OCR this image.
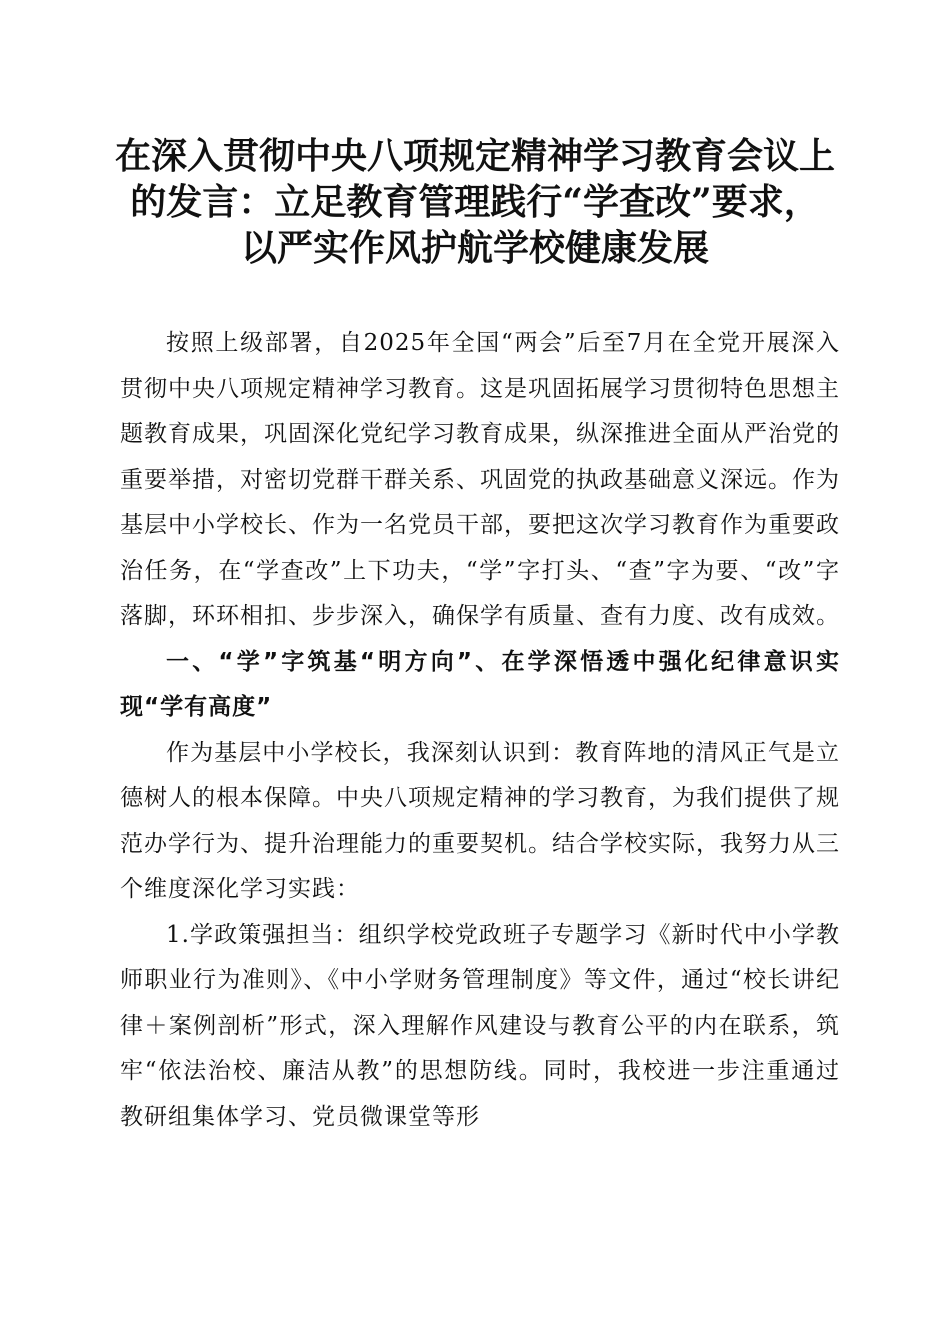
在深入贯彻中央八项规定精神学习教育会议上
的发言：立足教育管理践行“学查改”要求，
以严实作风护航学校健康发展

按照上级部署，自2025年全国“两会”后至7月在全党开展深入贯彻中央八项规定精神学习教育。这是巩固拓展学习贯彻特色思想主题教育成果，巩固深化党纪学习教育成果，纵深推进全面从严治党的重要举措，对密切党群干群关系、巩固党的执政基础意义深远。作为基层中小学校长、作为一名党员干部，要把这次学习教育作为重要政治任务，在“学查改”上下功夫，“学”字打头、“查”字为要、“改”字落脚，环环相扣、步步深入，确保学有质量、查有力度、改有成效。

一、“学”字筑基“明方向”、在学深悟透中强化纪律意识实现“学有高度”

作为基层中小学校长，我深刻认识到：教育阵地的清风正气是立德树人的根本保障。中央八项规定精神的学习教育，为我们提供了规范办学行为、提升治理能力的重要契机。结合学校实际，我努力从三个维度深化学习实践：

1.学政策强担当：组织学校党政班子专题学习《新时代中小学教师职业行为准则》、《中小学财务管理制度》等文件，通过“校长讲纪律＋案例剖析”形式，深入理解作风建设与教育公平的内在联系，筑牢“依法治校、廉洁从教”的思想防线。同时，我校进一步注重通过教研组集体学习、党员微课堂等形
